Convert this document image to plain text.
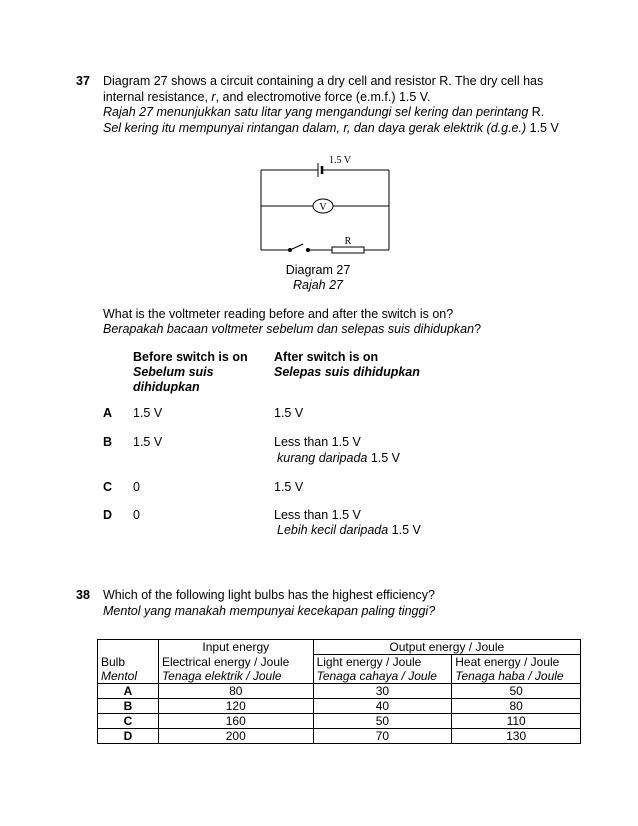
37 Diagram 27 shows a circuit containing a dry cell and resistor R. The dry cell has
internal resistance, r, and electromotive force (e.m.f.) 1.5 V.
Rajah 27 menunjukkan satu litar yang mengandungi sel kering dan perintang R.
Sel kering itu mempunyai rintangan dalam, r, dan daya gerak elektrik (d.g.e.) 1.5 V
V
R
1.5 V
Diagram 27
Rajah 27
What is the voltmeter reading before and after the switch is on?
Berapakah bacaan voltmeter sebelum dan selepas suis dihidupkan?
Before switch is on
Sebelum suis
dihidupkan
After switch is on
Selepas suis dihidupkan
A 1.5 V	1.5 V
B 1.5 V	Less than 1.5 V
kurang daripada 1.5 V
C 0	1.5 V
D 0	Less than 1.5 V
Lebih kecil daripada 1.5 V
38 Which of the following light bulbs has the highest efficiency?
Mentol yang manakah mempunyai kecekapan paling tinggi?
	Input energy	Output energy / Joule	
Bulb	Electrical energy / Joule	Light energy / Joule	Heat energy / Joule
Mentol	Tenaga elektrik / Joule	Tenaga cahaya / Joule	Tenaga haba / Joule
A	80	30	50
B	120	40	80
C	160	50	110
D	200	70	130
